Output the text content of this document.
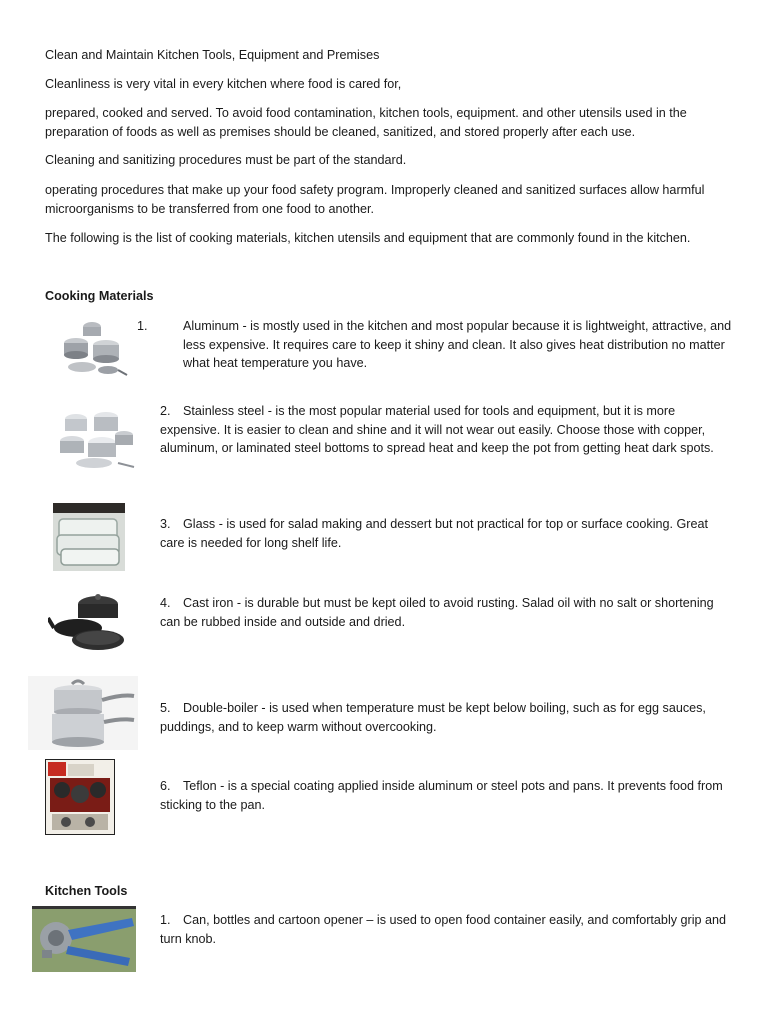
Clean and Maintain Kitchen Tools, Equipment and Premises

Cleanliness is very vital in every kitchen where food is cared for,

prepared, cooked and served. To avoid food contamination, kitchen tools, equipment. and other utensils used in the preparation of foods as well as premises should be cleaned, sanitized, and stored properly after each use.

Cleaning and sanitizing procedures must be part of the standard.

operating procedures that make up your food safety program. Improperly cleaned and sanitized surfaces allow harmful microorganisms to be transferred from one food to another.

The following is the list of cooking materials, kitchen utensils and equipment that are commonly found in the kitchen.

Cooking Materials

1.	Aluminum - is mostly used in the kitchen and most popular because it is lightweight, attractive, and less expensive. It requires care to keep it shiny and clean. It also gives heat distribution no matter what heat temperature you have.

2. Stainless steel - is the most popular material used for tools and equipment, but it is more expensive. It is easier to clean and shine and it will not wear out easily. Choose those with copper, aluminum, or laminated steel bottoms to spread heat and keep the pot from getting heat dark spots.

3. Glass - is used for salad making and dessert but not practical for top or surface cooking. Great care is needed for long shelf life.

4. Cast iron - is durable but must be kept oiled to avoid rusting. Salad oil with no salt or shortening can be rubbed inside and outside and dried.

5. Double-boiler - is used when temperature must be kept below boiling, such as for egg sauces, puddings, and to keep warm without overcooking.

6. Teflon - is a special coating applied inside aluminum or steel pots and pans. It prevents food from sticking to the pan.

Kitchen Tools

1. Can, bottles and cartoon opener – is used to open food container easily, and comfortably grip and turn knob.
